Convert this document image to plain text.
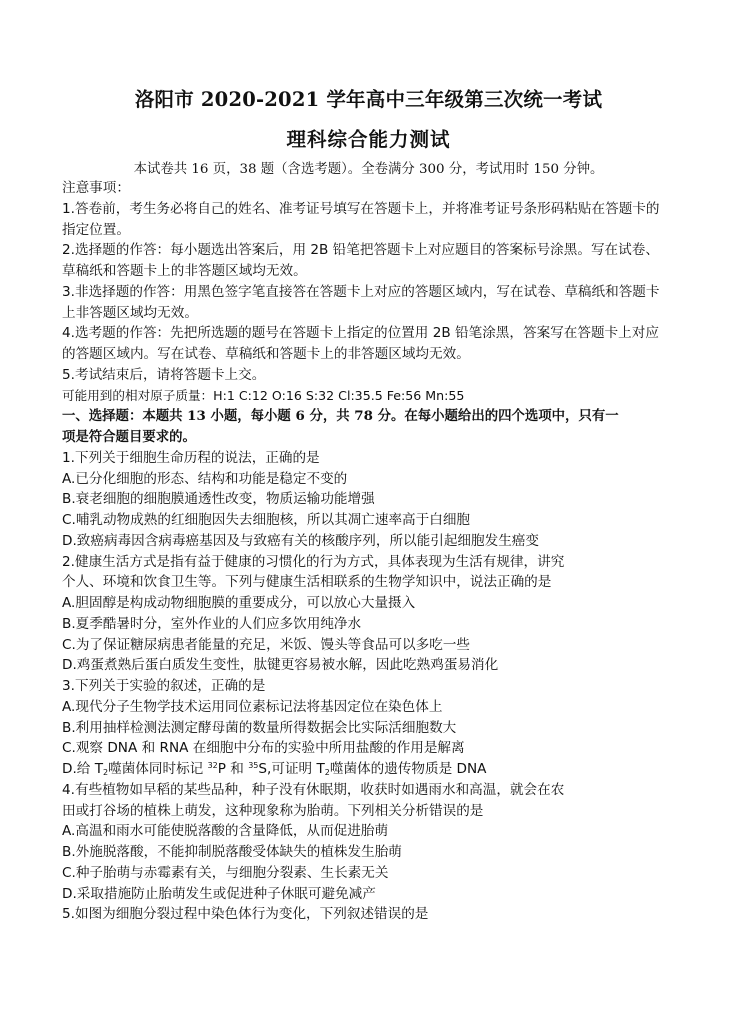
洛阳市 2020-2021 学年高中三年级第三次统一考试
理科综合能力测试
本试卷共 16 页，38 题（含选考题）。全卷满分 300 分，考试用时 150 分钟。
注意事项：
1.答卷前，考生务必将自己的姓名、准考证号填写在答题卡上，并将准考证号条形码粘贴在答题卡的
指定位置。
2.选择题的作答：每小题选出答案后，用 2B 铅笔把答题卡上对应题目的答案标号涂黑。写在试卷、
草稿纸和答题卡上的非答题区域均无效。
3.非选择题的作答：用黑色签字笔直接答在答题卡上对应的答题区域内，写在试卷、草稿纸和答题卡
上非答题区域均无效。
4.选考题的作答：先把所选题的题号在答题卡上指定的位置用 2B 铅笔涂黑，答案写在答题卡上对应
的答题区域内。写在试卷、草稿纸和答题卡上的非答题区域均无效。
5.考试结束后，请将答题卡上交。
可能用到的相对原子质量：H:1 C:12 O:16 S:32 Cl:35.5 Fe:56 Mn:55
一、选择题：本题共 13 小题，每小题 6 分，共 78 分。在每小题给出的四个选项中，只有一
项是符合题目要求的。
1.下列关于细胞生命历程的说法，正确的是
A.已分化细胞的形态、结构和功能是稳定不变的
B.衰老细胞的细胞膜通透性改变，物质运输功能增强
C.哺乳动物成熟的红细胞因失去细胞核，所以其凋亡速率高于白细胞
D.致癌病毒因含病毒癌基因及与致癌有关的核酸序列，所以能引起细胞发生癌变
2.健康生活方式是指有益于健康的习惯化的行为方式，具体表现为生活有规律，讲究
个人、环境和饮食卫生等。下列与健康生活相联系的生物学知识中，说法正确的是
A.胆固醇是构成动物细胞膜的重要成分，可以放心大量摄入
B.夏季酷暑时分，室外作业的人们应多饮用纯净水
C.为了保证糖尿病患者能量的充足，米饭、馒头等食品可以多吃一些
D.鸡蛋煮熟后蛋白质发生变性，肽键更容易被水解，因此吃熟鸡蛋易消化
3.下列关于实验的叙述，正确的是
A.现代分子生物学技术运用同位素标记法将基因定位在染色体上
B.利用抽样检测法测定酵母菌的数量所得数据会比实际活细胞数大
C.观察 DNA 和 RNA 在细胞中分布的实验中所用盐酸的作用是解离
D.给 $T_2$噬菌体同时标记 $^{32}$P 和 $^{35}$S,可证明 $T_2$噬菌体的遗传物质是 DNA
4.有些植物如早稻的某些品种，种子没有休眠期，收获时如遇雨水和高温，就会在农
田或打谷场的植株上萌发，这种现象称为胎萌。下列相关分析错误的是
A.高温和雨水可能使脱落酸的含量降低，从而促进胎萌
B.外施脱落酸，不能抑制脱落酸受体缺失的植株发生胎萌
C.种子胎萌与赤霉素有关，与细胞分裂素、生长素无关
D.采取措施防止胎萌发生或促进种子休眠可避免减产
5.如图为细胞分裂过程中染色体行为变化，下列叙述错误的是
